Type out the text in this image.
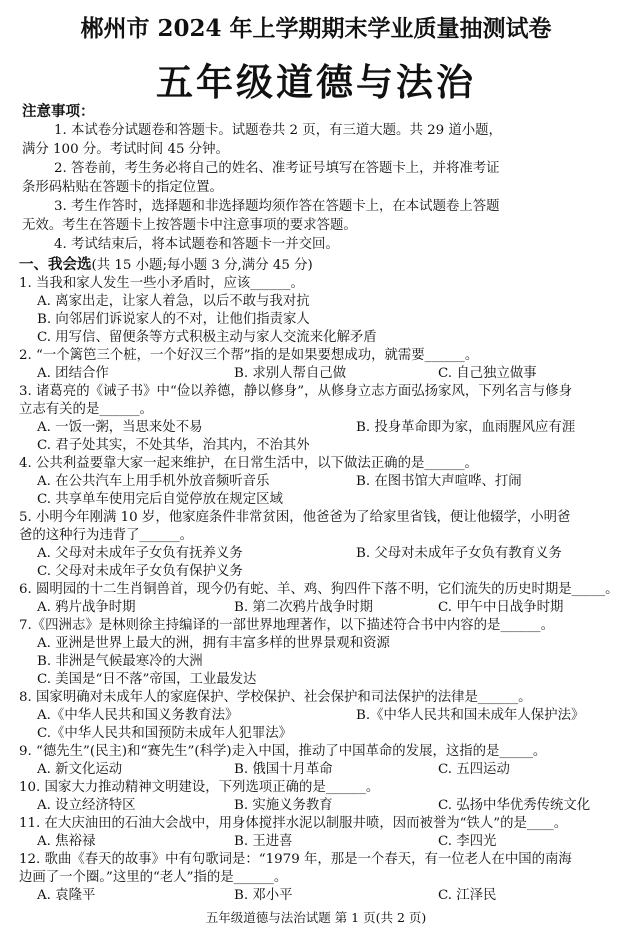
郴州市 2024 年上学期期末学业质量抽测试卷
五年级道德与法治
注意事项：
1. 本试卷分试题卷和答题卡。试题卷共 2 页，有三道大题。共 29 道小题，
满分 100 分。考试时间 45 分钟。
2. 答卷前，考生务必将自己的姓名、准考证号填写在答题卡上，并将准考证
条形码粘贴在答题卡的指定位置。
3. 考生作答时，选择题和非选择题均须作答在答题卡上，在本试题卷上答题
无效。考生在答题卡上按答题卡中注意事项的要求答题。
4. 考试结束后，将本试题卷和答题卡一并交回。
一、我会选(共 15 小题;每小题 3 分,满分 45 分)
1. 当我和家人发生一些小矛盾时，应该______。
A. 离家出走，让家人着急，以后不敢与我对抗
B. 向邻居们诉说家人的不对，让他们指责家人
C. 用写信、留便条等方式积极主动与家人交流来化解矛盾
2. “一个篱笆三个桩，一个好汉三个帮”指的是如果要想成功，就需要______。
A. 团结合作	B. 求别人帮自己做	C. 自己独立做事
3. 诸葛亮的《诫子书》中“俭以养德，静以修身”，从修身立志方面弘扬家风，下列名言与修身
立志有关的是______。
A. 一饭一粥，当思来处不易	B. 投身革命即为家，血雨腥风应有涯
C. 君子处其实，不处其华，治其内，不治其外
4. 公共利益要靠大家一起来维护，在日常生活中，以下做法正确的是______。
A. 在公共汽车上用手机外放音频听音乐	B. 在图书馆大声喧哗、打闹
C. 共享单车使用完后自觉停放在规定区域
5. 小明今年刚满 10 岁，他家庭条件非常贫困，他爸爸为了给家里省钱，便让他辍学，小明爸
爸的这种行为违背了______。
A. 父母对未成年子女负有抚养义务	B. 父母对未成年子女负有教育义务
C. 父母对未成年子女负有保护义务
6. 圆明园的十二生肖铜兽首，现今仍有蛇、羊、鸡、狗四件下落不明，它们流失的历史时期是_____。
A. 鸦片战争时期	B. 第二次鸦片战争时期	C. 甲午中日战争时期
7.《四洲志》是林则徐主持编译的一部世界地理著作，以下描述符合书中内容的是______。
A. 亚洲是世界上最大的洲，拥有丰富多样的世界景观和资源
B. 非洲是气候最寒冷的大洲
C. 美国是“日不落”帝国，工业最发达
8. 国家明确对未成年人的家庭保护、学校保护、社会保护和司法保护的法律是______。
A.《中华人民共和国义务教育法》	B.《中华人民共和国未成年人保护法》
C.《中华人民共和国预防未成年人犯罪法》
9. “德先生”(民主)和“赛先生”(科学)走入中国，推动了中国革命的发展，这指的是_____。
A. 新文化运动	B. 俄国十月革命	C. 五四运动
10. 国家大力推动精神文明建设，下列选项正确的是______。
A. 设立经济特区	B. 实施义务教育	C. 弘扬中华优秀传统文化
11. 在大庆油田的石油大会战中，用身体搅拌水泥以制服井喷，因而被誉为“铁人”的是____。
A. 焦裕禄	B. 王进喜	C. 李四光
12. 歌曲《春天的故事》中有句歌词是：“1979 年，那是一个春天，有一位老人在中国的南海
边画了一个圈。”这里的“老人”指的是______。
A. 袁隆平	B. 邓小平	C. 江泽民
五年级道德与法治试题 第 1 页(共 2 页)
